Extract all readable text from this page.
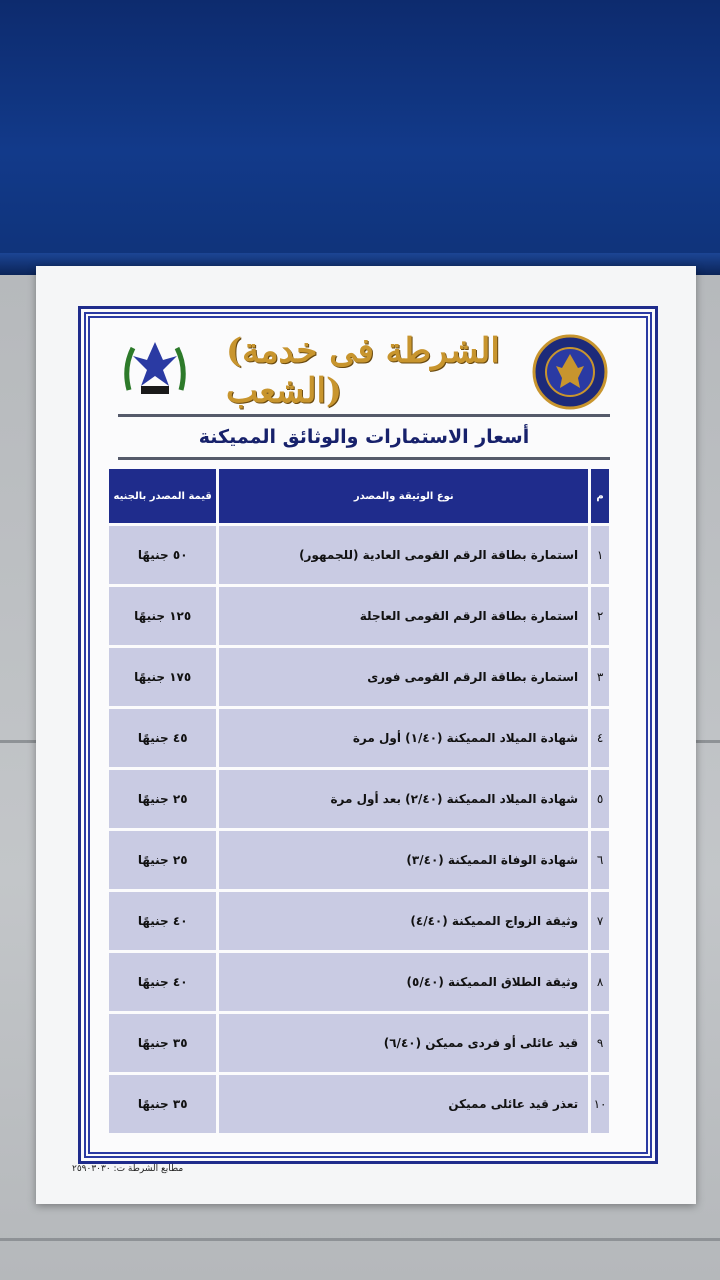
(الشرطة فى خدمة الشعب)
أسعار الاستمارات والوثائق المميكنة
م	نوع الوثيقة والمصدر	قيمة المصدر بالجنيه
١	استمارة بطاقة الرقم القومى العادية (للجمهور)	٥٠ جنيهًا
٢	استمارة بطاقة الرقم القومى العاجلة	١٢٥ جنيهًا
٣	استمارة بطاقة الرقم القومى فورى	١٧٥ جنيهًا
٤	شهادة الميلاد المميكنة (١/٤٠) أول مرة	٤٥ جنيهًا
٥	شهادة الميلاد المميكنة (٢/٤٠) بعد أول مرة	٢٥ جنيهًا
٦	شهادة الوفاة المميكنة (٣/٤٠)	٢٥ جنيهًا
٧	وثيقة الزواج المميكنة (٤/٤٠)	٤٠ جنيهًا
٨	وثيقة الطلاق المميكنة (٥/٤٠)	٤٠ جنيهًا
٩	قيد عائلى أو فردى مميكن (٦/٤٠)	٣٥ جنيهًا
١٠	تعذر قيد عائلى مميكن	٣٥ جنيهًا
مطابع الشرطة ت: ٢٥٩٠٣٠٣٠
